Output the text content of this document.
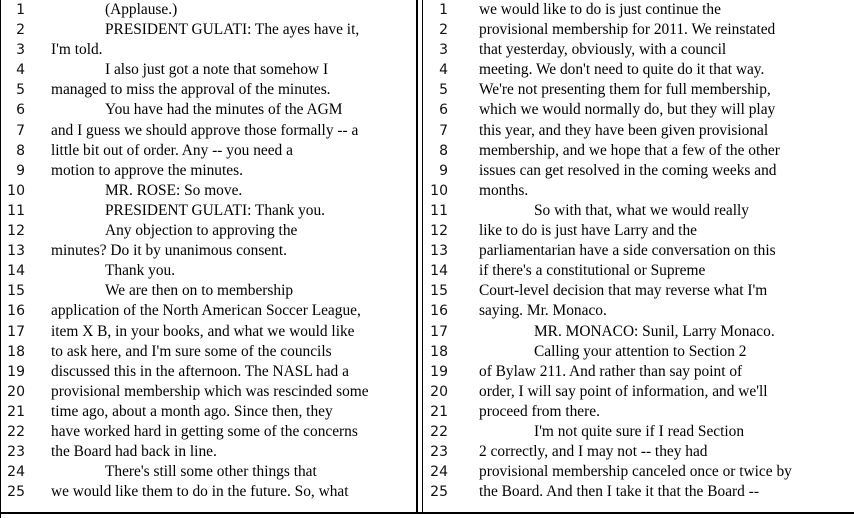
1	(Applause.)
2	PRESIDENT GULATI: The ayes have it,
3 I'm told.
4	I also just got a note that somehow I
5 managed to miss the approval of the minutes.
6	You have had the minutes of the AGM
7 and I guess we should approve those formally -- a
8 little bit out of order. Any -- you need a
9 motion to approve the minutes.
10	MR. ROSE: So move.
11	PRESIDENT GULATI: Thank you.
12	Any objection to approving the
13 minutes? Do it by unanimous consent.
14	Thank you.
15	We are then on to membership
16 application of the North American Soccer League,
17 item X B, in your books, and what we would like
18 to ask here, and I'm sure some of the councils
19 discussed this in the afternoon. The NASL had a
20 provisional membership which was rescinded some
21 time ago, about a month ago. Since then, they
22 have worked hard in getting some of the concerns
23 the Board had back in line.
24	There's still some other things that
25 we would like them to do in the future. So, what
1 we would like to do is just continue the
2 provisional membership for 2011. We reinstated
3 that yesterday, obviously, with a council
4 meeting. We don't need to quite do it that way.
5 We're not presenting them for full membership,
6 which we would normally do, but they will play
7 this year, and they have been given provisional
8 membership, and we hope that a few of the other
9 issues can get resolved in the coming weeks and
10 months.
11	So with that, what we would really
12 like to do is just have Larry and the
13 parliamentarian have a side conversation on this
14 if there's a constitutional or Supreme
15 Court-level decision that may reverse what I'm
16 saying. Mr. Monaco.
17	MR. MONACO: Sunil, Larry Monaco.
18	Calling your attention to Section 2
19 of Bylaw 211. And rather than say point of
20 order, I will say point of information, and we'll
21 proceed from there.
22	I'm not quite sure if I read Section
23 2 correctly, and I may not -- they had
24 provisional membership canceled once or twice by
25 the Board. And then I take it that the Board --
